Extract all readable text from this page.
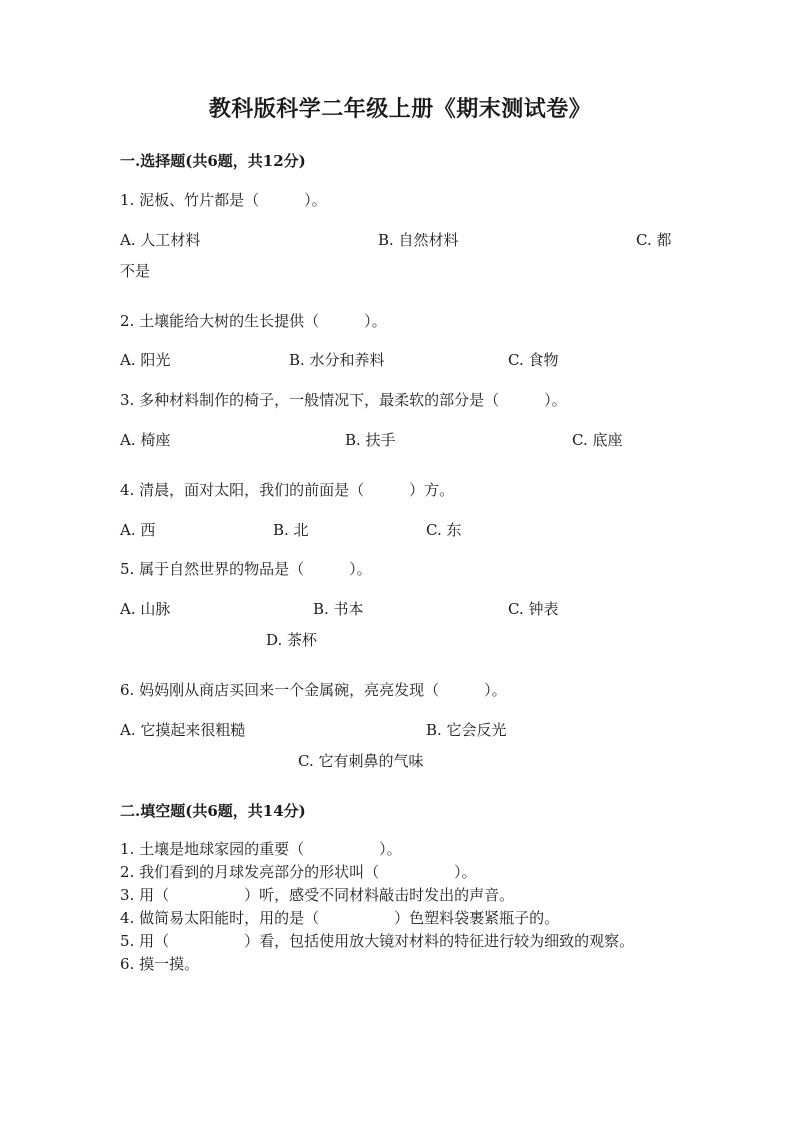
教科版科学二年级上册《期末测试卷》
一.选择题(共6题，共12分)
1. 泥板、竹片都是（　　　）。
A. 人工材料	B. 自然材料	C. 都
不是
2. 土壤能给大树的生长提供（　　　）。
A. 阳光	B. 水分和养料	C. 食物
3. 多种材料制作的椅子，一般情况下，最柔软的部分是（　　　）。
A. 椅座	B. 扶手	C. 底座
4. 清晨，面对太阳，我们的前面是（　　　）方。
A. 西	B. 北	C. 东
5. 属于自然世界的物品是（　　　）。
A. 山脉	B. 书本	C. 钟表
D. 茶杯
6. 妈妈刚从商店买回来一个金属碗，亮亮发现（　　　）。
A. 它摸起来很粗糙	B. 它会反光
C. 它有刺鼻的气味
二.填空题(共6题，共14分)
1. 土壤是地球家园的重要（　　　　　）。
2. 我们看到的月球发亮部分的形状叫（　　　　　）。
3. 用（　　　　　）听，感受不同材料敲击时发出的声音。
4. 做简易太阳能时，用的是（　　　　　）色塑料袋裹紧瓶子的。
5. 用（　　　　　）看，包括使用放大镜对材料的特征进行较为细致的观察。
6. 摸一摸。
